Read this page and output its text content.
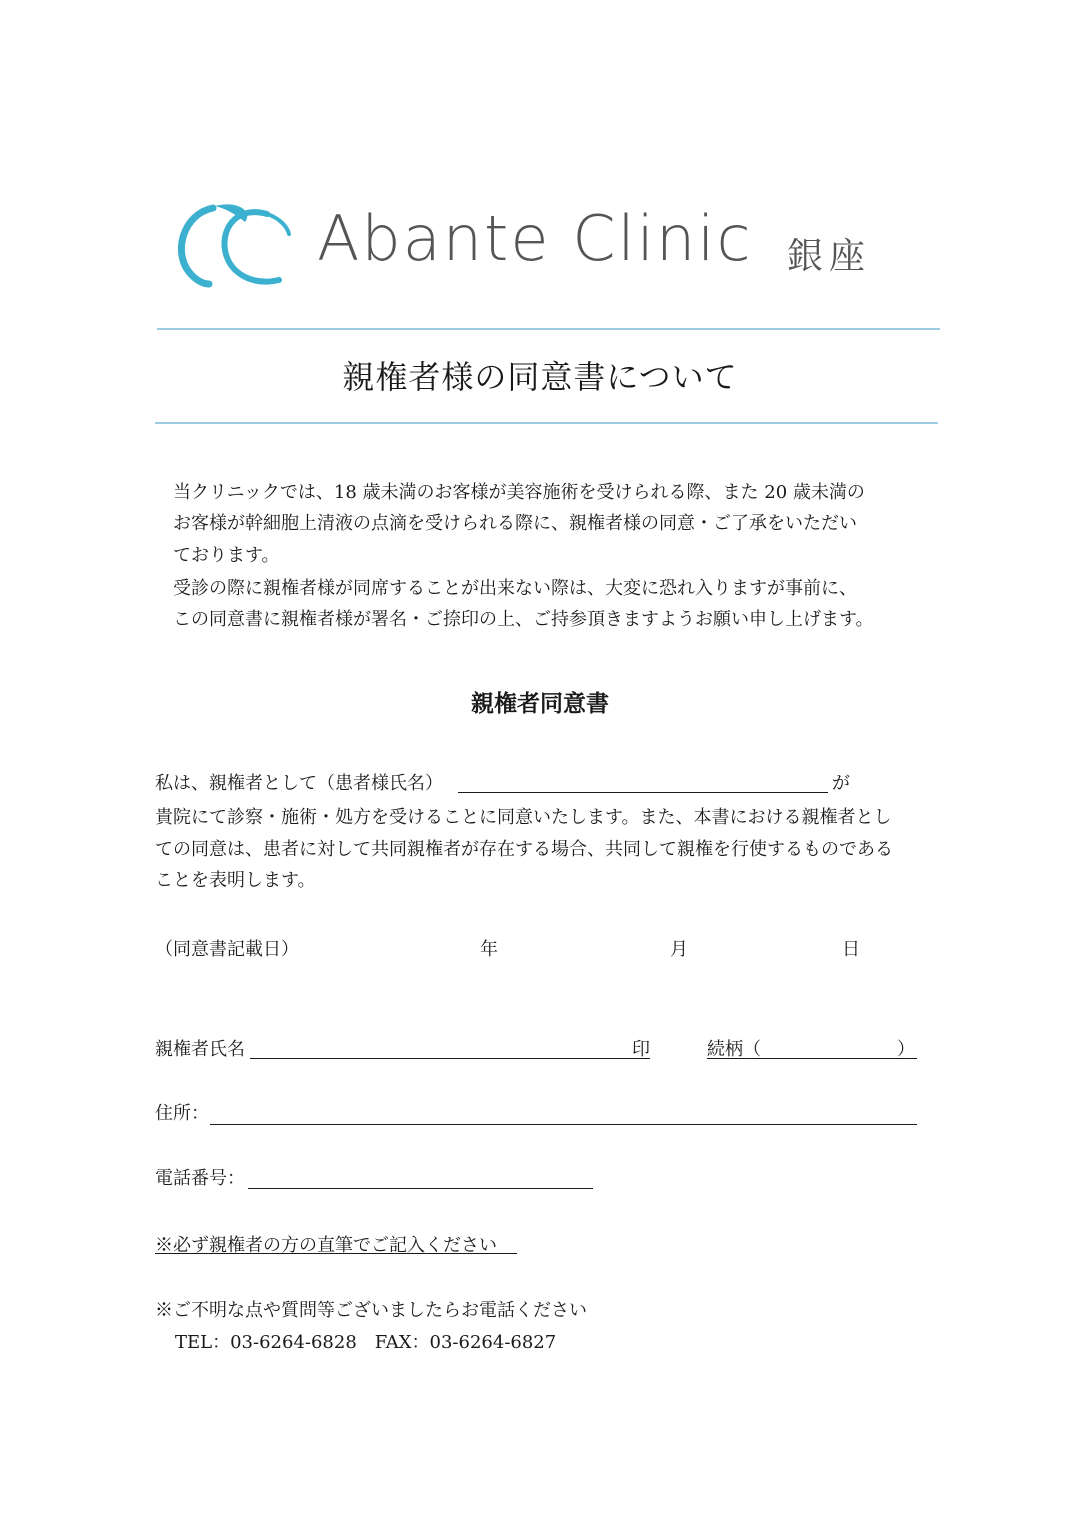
Abante Clinic 銀座
親権者様の同意書について
当クリニックでは、18 歳未満のお客様が美容施術を受けられる際、また 20 歳未満の
お客様が幹細胞上清液の点滴を受けられる際に、親権者様の同意・ご了承をいただい
ております。
受診の際に親権者様が同席することが出来ない際は、大変に恐れ入りますが事前に、
この同意書に親権者様が署名・ご捺印の上、ご持参頂きますようお願い申し上げます。
親権者同意書
私は、親権者として（患者様氏名）	が
貴院にて診察・施術・処方を受けることに同意いたします。また、本書における親権者とし
ての同意は、患者に対して共同親権者が存在する場合、共同して親権を行使するものである
ことを表明します。
（同意書記載日）	年	月	日
親権者氏名	印	続柄（	）
住所：
電話番号：
※必ず親権者の方の直筆でご記入ください
※ご不明な点や質問等ございましたらお電話ください
TEL：03-6264-6828　FAX：03-6264-6827
